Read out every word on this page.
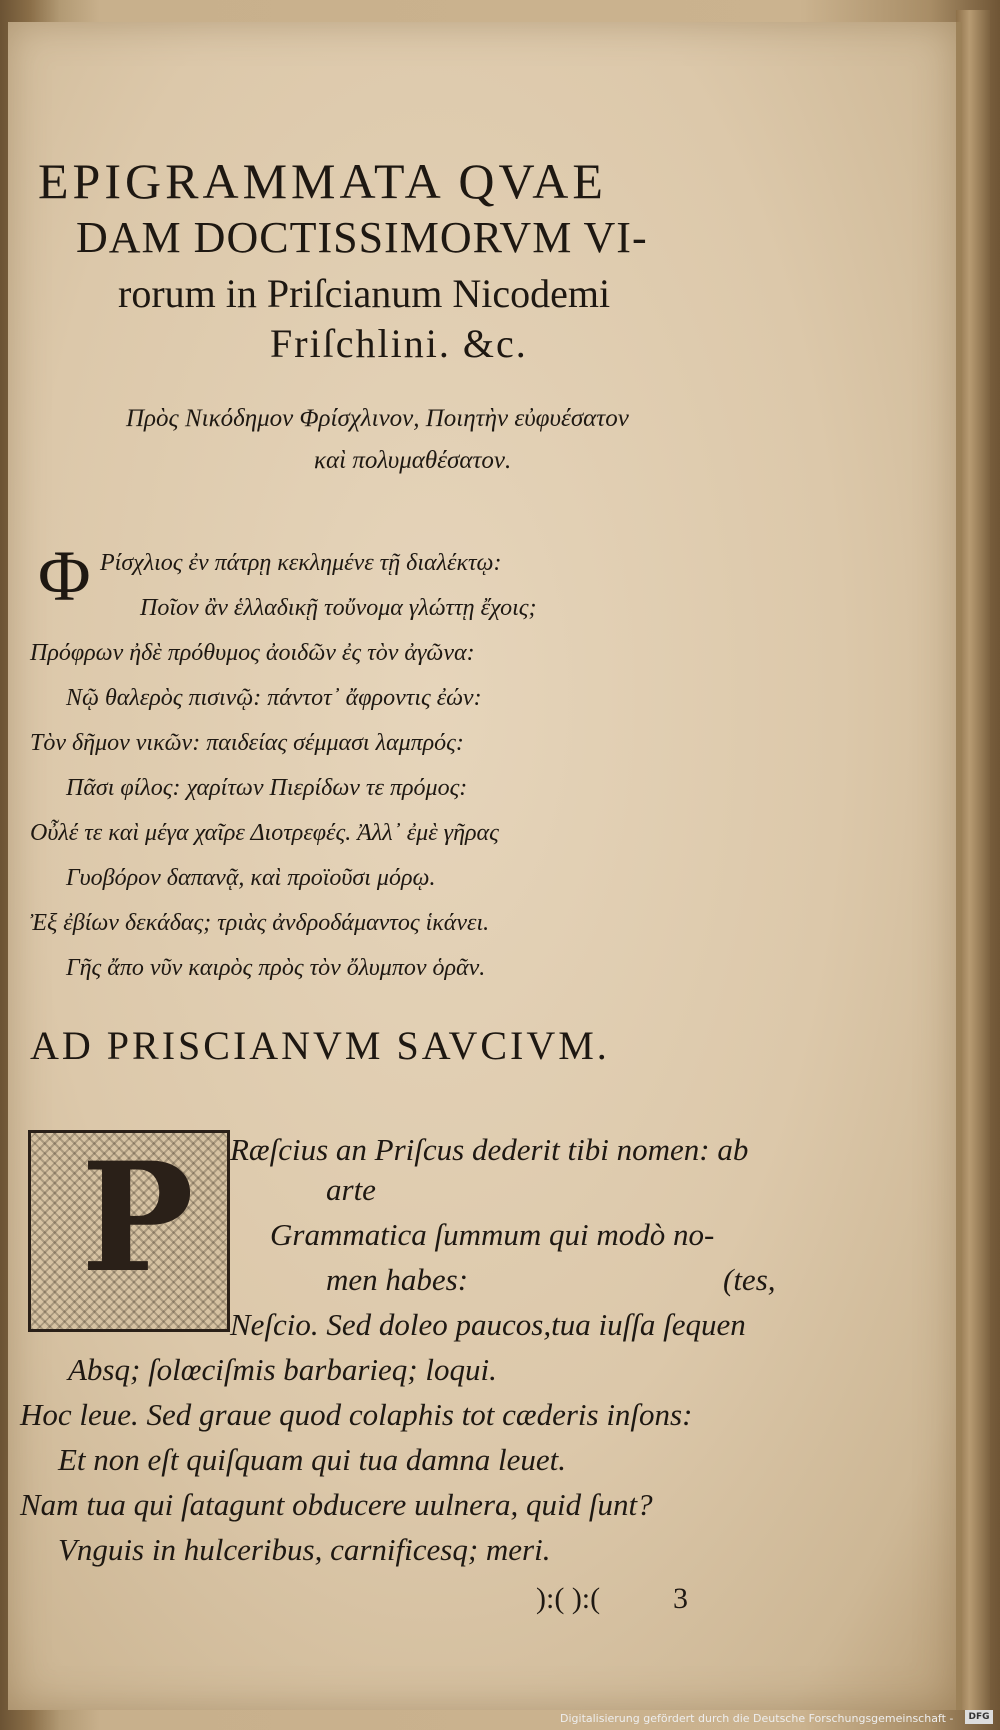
EPIGRAMMATA QVAE
DAM DOCTISSIMORVM VI-
rorum in Priſcianum Nicodemi
Friſchlini. &c.
Πρὸς Νικόδημον Φρίσχλινον, Ποιητὴν εὐφυέσατον
καὶ πολυμαθέσατον.
Φ Ρίσχλιος ἐν πάτρῃ κεκλημένε τῇ διαλέκτῳ:
Ποῖον ἂν ἑλλαδικῇ τοὔνομα γλώττῃ ἔχοις;
Πρόφρων ἠδὲ πρόθυμος ἀοιδῶν ἐς τὸν ἀγῶνα:
Νῷ θαλερὸς πισινῷ: πάντοτ᾽ ἄφροντις ἐών:
Τὸν δῆμον νικῶν: παιδείας σέμμασι λαμπρός:
Πᾶσι φίλος: χαρίτων Πιερίδων τε πρόμος:
Οὖλέ τε καὶ μέγα χαῖρε Διοτρεφές. Ἀλλ᾽ ἐμὲ γῆρας
Γυοβόρον δαπανᾷ, καὶ προϊοῦσι μόρῳ.
Ἐξ ἐβίων δεκάδας; τριὰς ἀνδροδάμαντος ἱκάνει.
Γῆς ἄπο νῦν καιρὸς πρὸς τὸν ὄλυμπον ὁρᾶν.
AD PRISCIANVM SAVCIVM.
P Ræſcius an Priſcus dederit tibi nomen: ab
arte
Grammatica ſummum qui modò no-
men habes:	(tes,
Neſcio. Sed doleo paucos,tua iuſſa ſequen
Absq; ſolœciſmis barbarieq; loqui.
Hoc leue. Sed graue quod colaphis tot cæderis inſons:
Et non eſt quiſquam qui tua damna leuet.
Nam tua qui ſatagunt obducere uulnera, quid ſunt?
Vnguis in hulceribus, carnificesq; meri.
):( ):( 3
Digitalisierung gefördert durch die Deutsche Forschungsgemeinschaft -	DFG
